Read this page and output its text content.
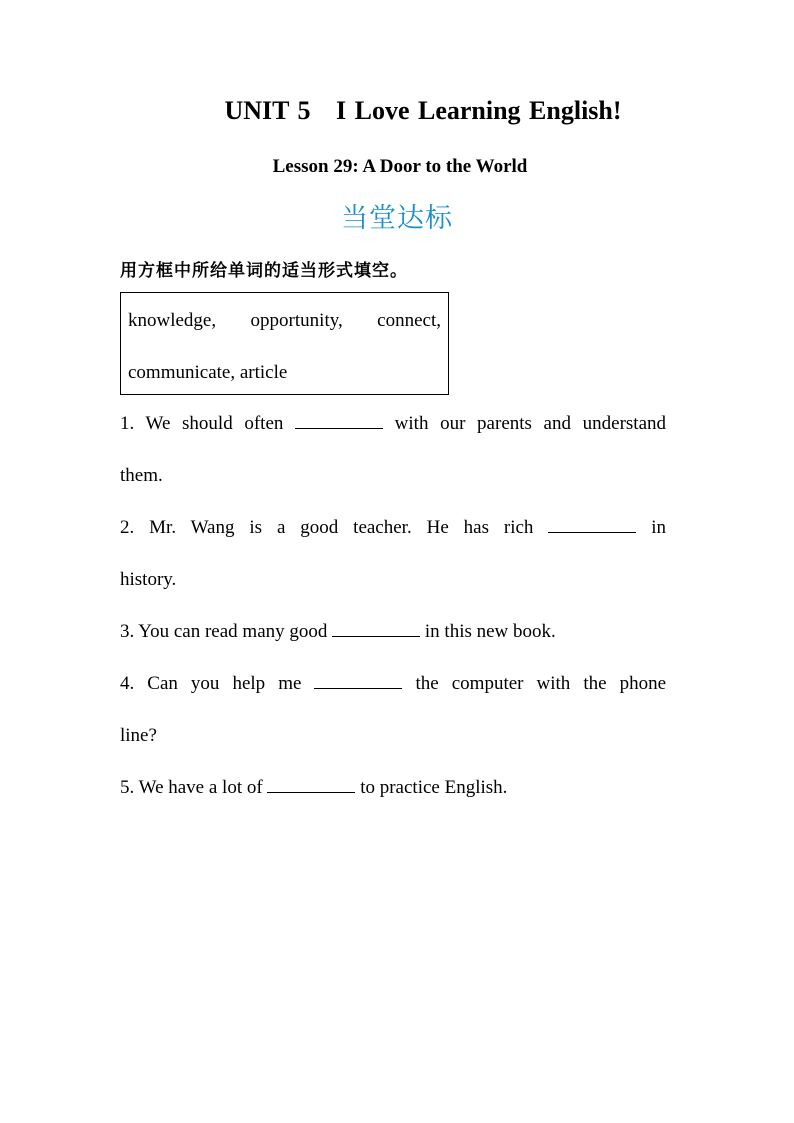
UNIT 5   I Love Learning English!
Lesson 29: A Door to the World
当堂达标
用方框中所给单词的适当形式填空。
knowledge, opportunity, connect,
communicate, article
1. We should often	with our parents and understand
them.
2. Mr. Wang is a good teacher. He has rich	in
history.
3. You can read many good	in this new book.
4. Can you help me	the computer with the phone
line?
5. We have a lot of	to practice English.
